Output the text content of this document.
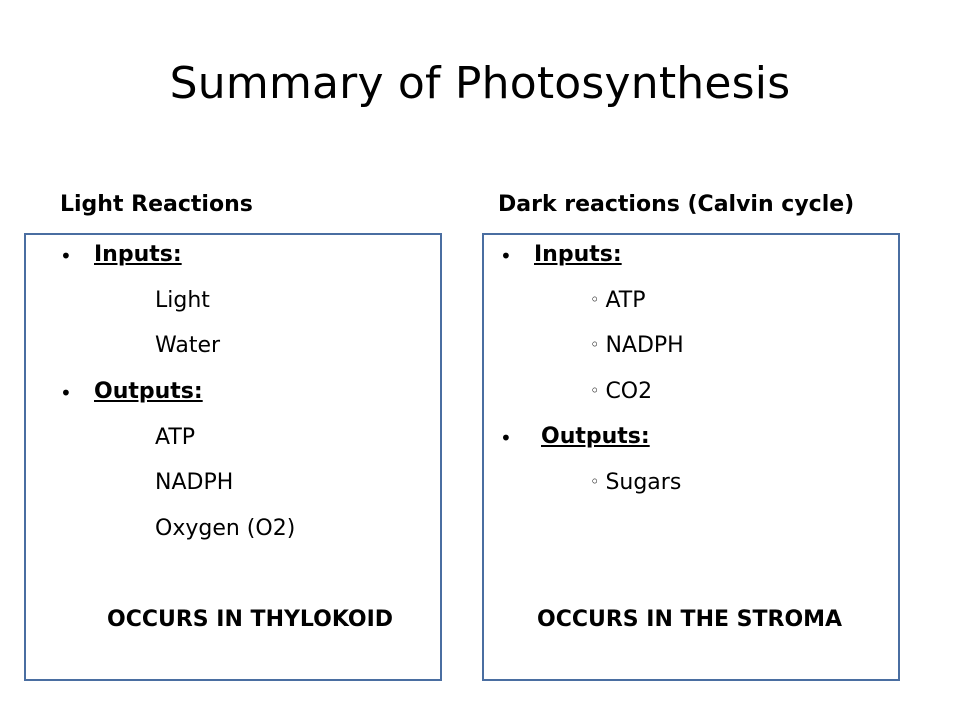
Summary of Photosynthesis
Light Reactions	Dark reactions (Calvin cycle)
• Inputs:
Light
Water
• Outputs:
ATP
NADPH
Oxygen (O2)
OCCURS IN THYLOKOID
• Inputs:
◦ ATP
◦ NADPH
◦ CO2
• Outputs:
◦ Sugars
OCCURS IN THE STROMA
